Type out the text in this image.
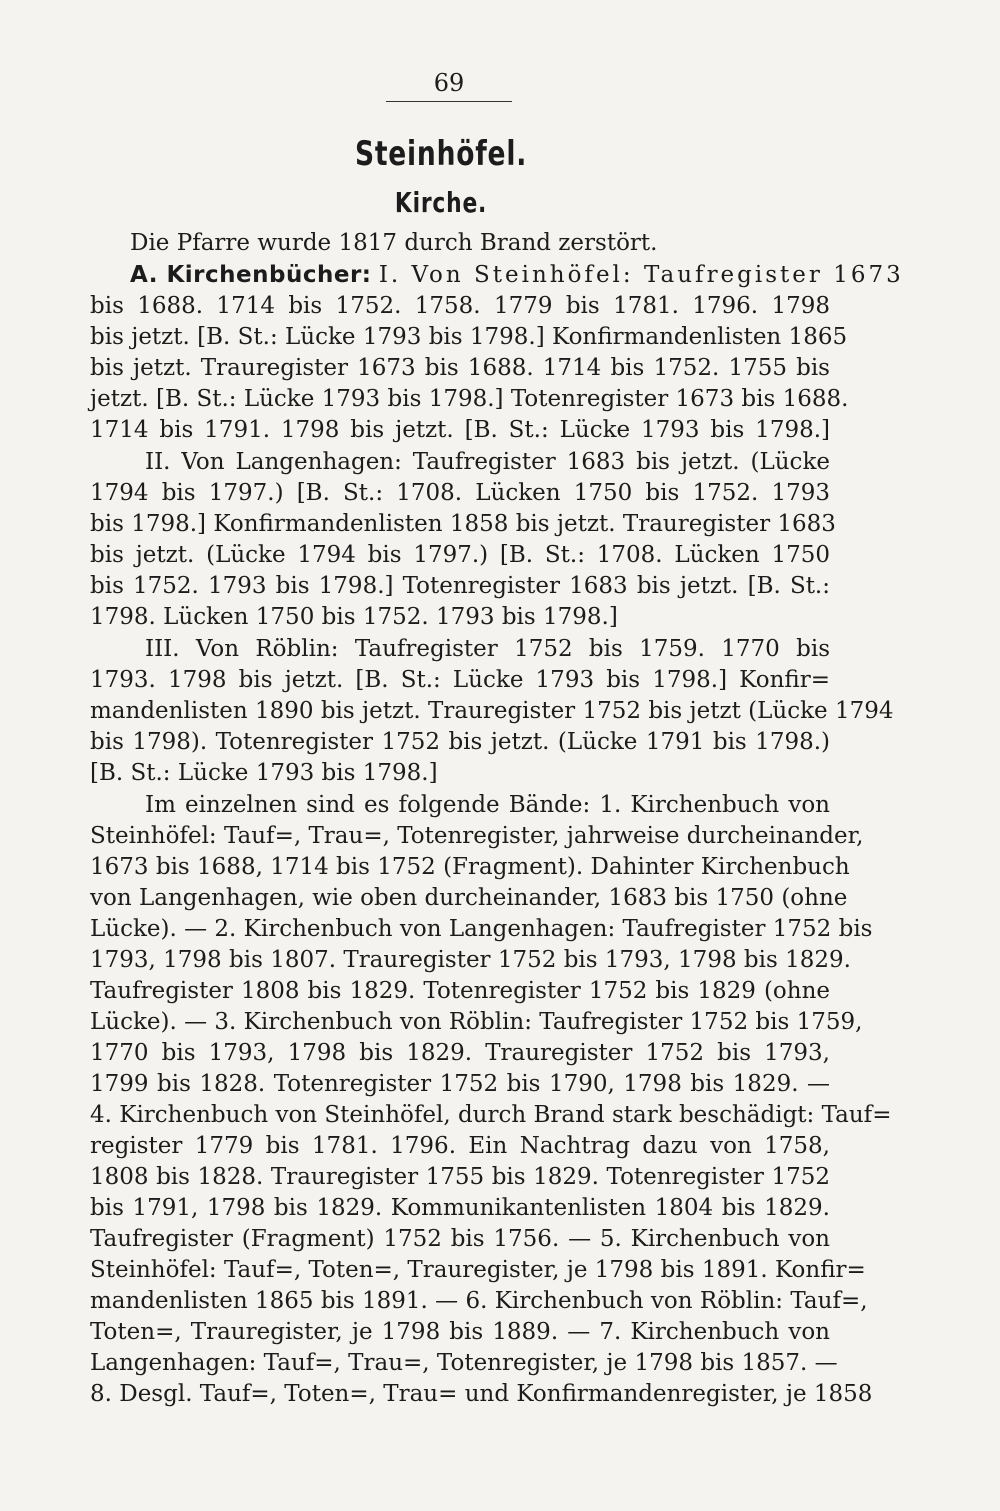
69
Steinhöfel.
Kirche.
Die Pfarre wurde 1817 durch Brand zerstört.
A. Kirchenbücher: I. Von Steinhöfel: Taufregister 1673
bis 1688. 1714 bis 1752. 1758. 1779 bis 1781. 1796. 1798
bis jetzt. [B. St.: Lücke 1793 bis 1798.] Konfirmandenlisten 1865
bis jetzt. Trauregister 1673 bis 1688. 1714 bis 1752. 1755 bis
jetzt. [B. St.: Lücke 1793 bis 1798.] Totenregister 1673 bis 1688.
1714 bis 1791. 1798 bis jetzt. [B. St.: Lücke 1793 bis 1798.]
II. Von Langenhagen: Taufregister 1683 bis jetzt. (Lücke
1794 bis 1797.) [B. St.: 1708. Lücken 1750 bis 1752. 1793
bis 1798.] Konfirmandenlisten 1858 bis jetzt. Trauregister 1683
bis jetzt. (Lücke 1794 bis 1797.) [B. St.: 1708. Lücken 1750
bis 1752. 1793 bis 1798.] Totenregister 1683 bis jetzt. [B. St.:
1798. Lücken 1750 bis 1752. 1793 bis 1798.]
III. Von Röblin: Taufregister 1752 bis 1759. 1770 bis
1793. 1798 bis jetzt. [B. St.: Lücke 1793 bis 1798.] Konfir=
mandenlisten 1890 bis jetzt. Trauregister 1752 bis jetzt (Lücke 1794
bis 1798). Totenregister 1752 bis jetzt. (Lücke 1791 bis 1798.)
[B. St.: Lücke 1793 bis 1798.]
Im einzelnen sind es folgende Bände: 1. Kirchenbuch von
Steinhöfel: Tauf=, Trau=, Totenregister, jahrweise durcheinander,
1673 bis 1688, 1714 bis 1752 (Fragment). Dahinter Kirchenbuch
von Langenhagen, wie oben durcheinander, 1683 bis 1750 (ohne
Lücke). — 2. Kirchenbuch von Langenhagen: Taufregister 1752 bis
1793, 1798 bis 1807. Trauregister 1752 bis 1793, 1798 bis 1829.
Taufregister 1808 bis 1829. Totenregister 1752 bis 1829 (ohne
Lücke). — 3. Kirchenbuch von Röblin: Taufregister 1752 bis 1759,
1770 bis 1793, 1798 bis 1829. Trauregister 1752 bis 1793,
1799 bis 1828. Totenregister 1752 bis 1790, 1798 bis 1829. —
4. Kirchenbuch von Steinhöfel, durch Brand stark beschädigt: Tauf=
register 1779 bis 1781. 1796. Ein Nachtrag dazu von 1758,
1808 bis 1828. Trauregister 1755 bis 1829. Totenregister 1752
bis 1791, 1798 bis 1829. Kommunikantenlisten 1804 bis 1829.
Taufregister (Fragment) 1752 bis 1756. — 5. Kirchenbuch von
Steinhöfel: Tauf=, Toten=, Trauregister, je 1798 bis 1891. Konfir=
mandenlisten 1865 bis 1891. — 6. Kirchenbuch von Röblin: Tauf=,
Toten=, Trauregister, je 1798 bis 1889. — 7. Kirchenbuch von
Langenhagen: Tauf=, Trau=, Totenregister, je 1798 bis 1857. —
8. Desgl. Tauf=, Toten=, Trau= und Konfirmandenregister, je 1858
